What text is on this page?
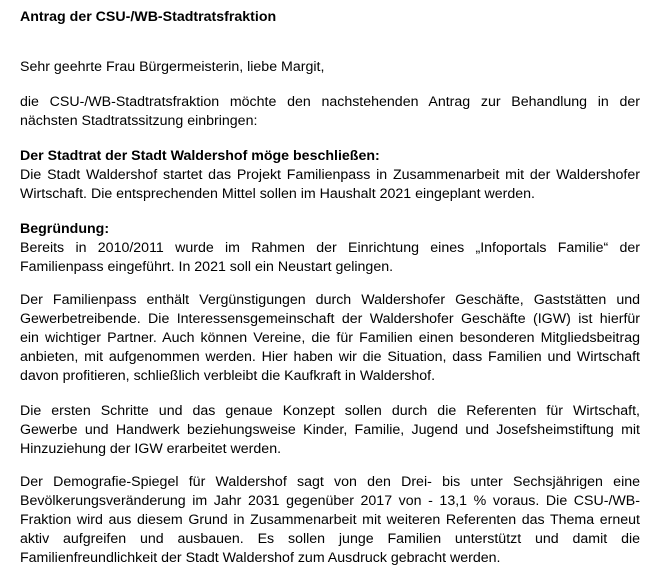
Antrag der CSU-/WB-Stadtratsfraktion
Sehr geehrte Frau Bürgermeisterin, liebe Margit,
die CSU-/WB-Stadtratsfraktion möchte den nachstehenden Antrag zur Behandlung in der
nächsten Stadtratssitzung einbringen:
Der Stadtrat der Stadt Waldershof möge beschließen:
Die Stadt Waldershof startet das Projekt Familienpass in Zusammenarbeit mit der Waldershofer
Wirtschaft. Die entsprechenden Mittel sollen im Haushalt 2021 eingeplant werden.
Begründung:
Bereits in 2010/2011 wurde im Rahmen der Einrichtung eines „Infoportals Familie“ der
Familienpass eingeführt. In 2021 soll ein Neustart gelingen.
Der Familienpass enthält Vergünstigungen durch Waldershofer Geschäfte, Gaststätten und
Gewerbetreibende. Die Interessensgemeinschaft der Waldershofer Geschäfte (IGW) ist hierfür
ein wichtiger Partner. Auch können Vereine, die für Familien einen besonderen Mitgliedsbeitrag
anbieten, mit aufgenommen werden. Hier haben wir die Situation, dass Familien und Wirtschaft
davon profitieren, schließlich verbleibt die Kaufkraft in Waldershof.
Die ersten Schritte und das genaue Konzept sollen durch die Referenten für Wirtschaft,
Gewerbe und Handwerk beziehungsweise Kinder, Familie, Jugend und Josefsheimstiftung mit
Hinzuziehung der IGW erarbeitet werden.
Der Demografie-Spiegel für Waldershof sagt von den Drei- bis unter Sechsjährigen eine
Bevölkerungsveränderung im Jahr 2031 gegenüber 2017 von - 13,1 % voraus. Die CSU-/WB-
Fraktion wird aus diesem Grund in Zusammenarbeit mit weiteren Referenten das Thema erneut
aktiv aufgreifen und ausbauen. Es sollen junge Familien unterstützt und damit die
Familienfreundlichkeit der Stadt Waldershof zum Ausdruck gebracht werden.
